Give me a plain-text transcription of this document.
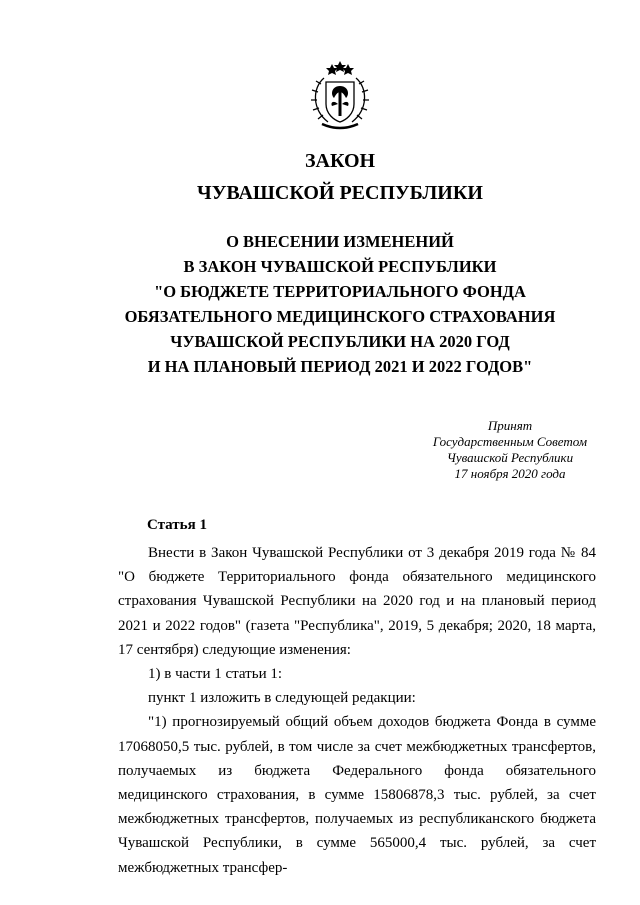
ЗАКОН
ЧУВАШСКОЙ РЕСПУБЛИКИ
О ВНЕСЕНИИ ИЗМЕНЕНИЙ
В ЗАКОН ЧУВАШСКОЙ РЕСПУБЛИКИ
"О БЮДЖЕТЕ ТЕРРИТОРИАЛЬНОГО ФОНДА
ОБЯЗАТЕЛЬНОГО МЕДИЦИНСКОГО СТРАХОВАНИЯ
ЧУВАШСКОЙ РЕСПУБЛИКИ НА 2020 ГОД
И НА ПЛАНОВЫЙ ПЕРИОД 2021 И 2022 ГОДОВ"
Принят
Государственным Советом
Чувашской Республики
17 ноября 2020 года
Статья 1

Внести в Закон Чувашской Республики от 3 декабря 2019 года № 84 "О бюджете Территориального фонда обязательного медицинского страхования Чувашской Республики на 2020 год и на плановый период 2021 и 2022 годов" (газета "Республика", 2019, 5 декабря; 2020, 18 марта, 17 сентября) следующие изменения:

1) в части 1 статьи 1:

пункт 1 изложить в следующей редакции:

"1) прогнозируемый общий объем доходов бюджета Фонда в сумме 17068050,5 тыс. рублей, в том числе за счет межбюджетных трансфертов, получаемых из бюджета Федерального фонда обязательного медицинского страхования, в сумме 15806878,3 тыс. рублей, за счет межбюджетных трансфертов, получаемых из республиканского бюджета Чувашской Республики, в сумме 565000,4 тыс. рублей, за счет межбюджетных трансфер-
